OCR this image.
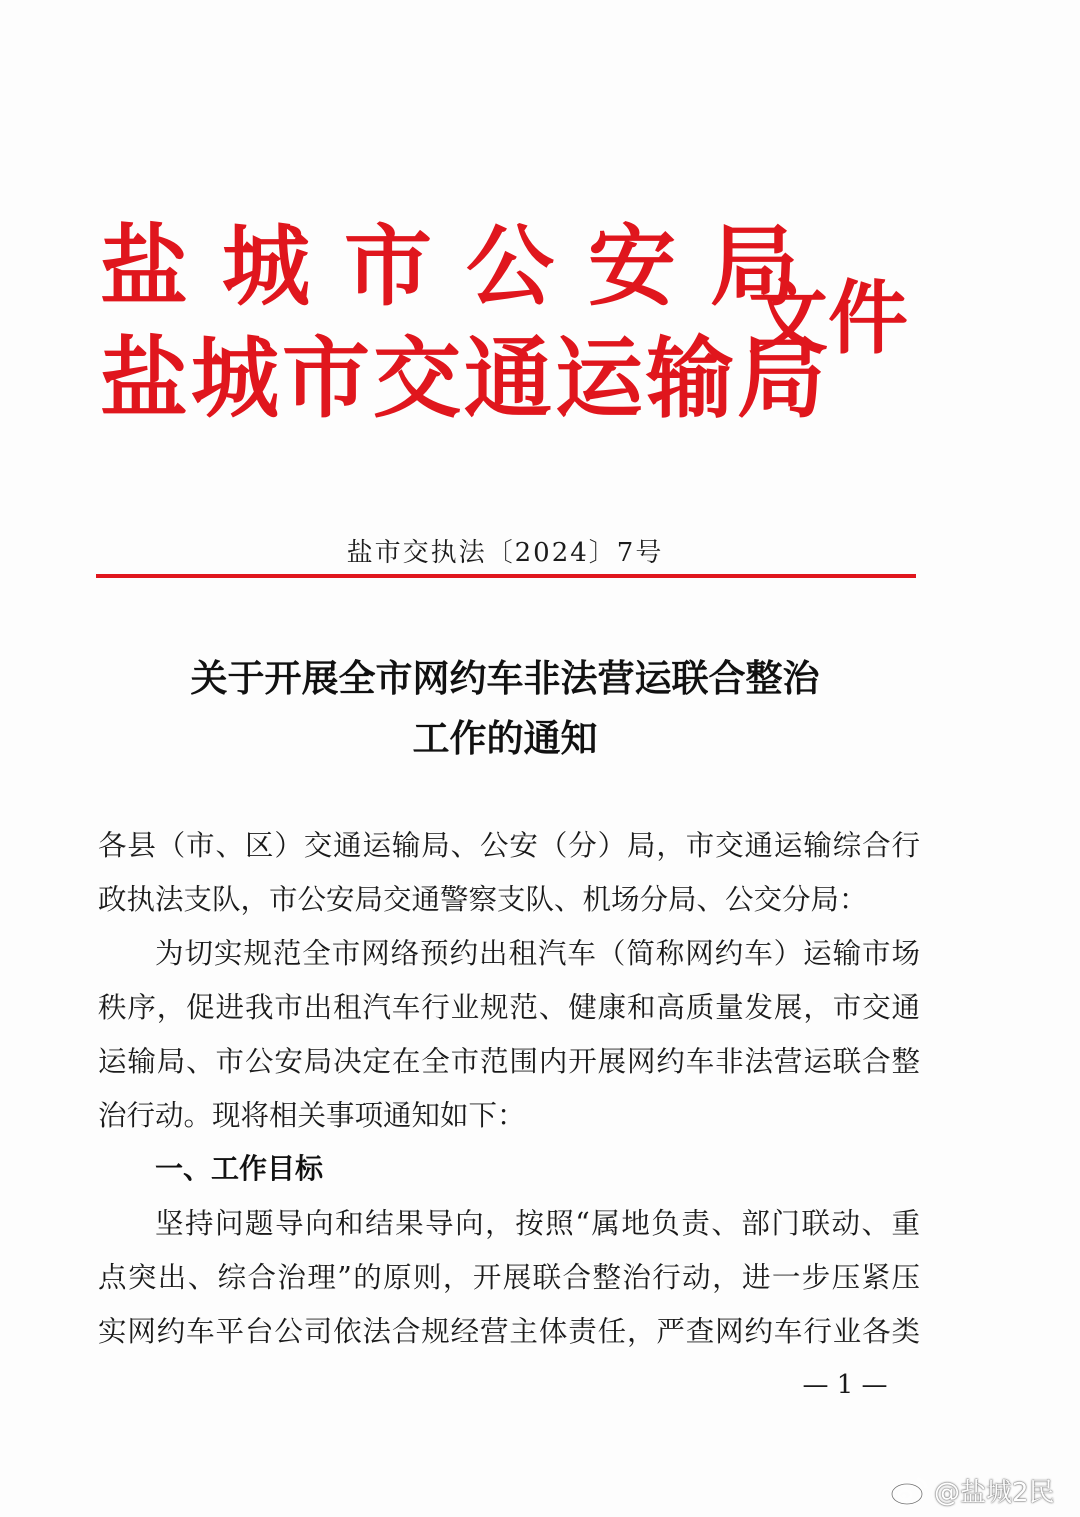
盐城市公安局
盐城市交通运输局
文件
盐市交执法〔2024〕7号
关于开展全市网约车非法营运联合整治
工作的通知
各县（市、区）交通运输局、公安（分）局，市交通运输综合行
政执法支队，市公安局交通警察支队、机场分局、公交分局：
为切实规范全市网络预约出租汽车（简称网约车）运输市场
秩序，促进我市出租汽车行业规范、健康和高质量发展，市交通
运输局、市公安局决定在全市范围内开展网约车非法营运联合整
治行动。现将相关事项通知如下：
一、工作目标
坚持问题导向和结果导向，按照“属地负责、部门联动、重
点突出、综合治理”的原则，开展联合整治行动，进一步压紧压
实网约车平台公司依法合规经营主体责任，严查网约车行业各类
— 1 —
@盐城2民
